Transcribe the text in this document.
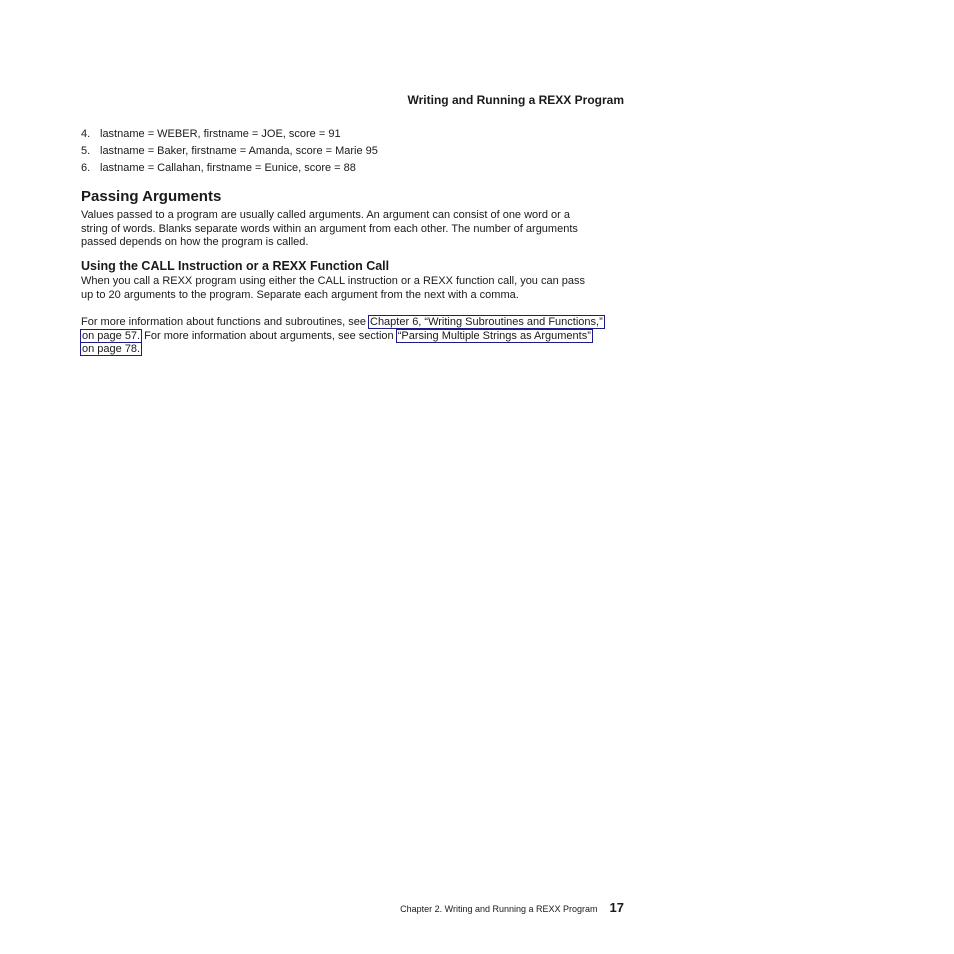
Writing and Running a REXX Program
4. lastname = WEBER, firstname = JOE, score = 91
5. lastname = Baker, firstname = Amanda, score = Marie 95
6. lastname = Callahan, firstname = Eunice, score = 88
Passing Arguments

Values passed to a program are usually called arguments. An argument can consist of one word or a
string of words. Blanks separate words within an argument from each other. The number of arguments
passed depends on how the program is called.

Using the CALL Instruction or a REXX Function Call

When you call a REXX program using either the CALL instruction or a REXX function call, you can pass
up to 20 arguments to the program. Separate each argument from the next with a comma.

For more information about functions and subroutines, see Chapter 6, “Writing Subroutines and Functions,”
on page 57. For more information about arguments, see section “Parsing Multiple Strings as Arguments”
on page 78.

Chapter 2. Writing and Running a REXX Program 17
